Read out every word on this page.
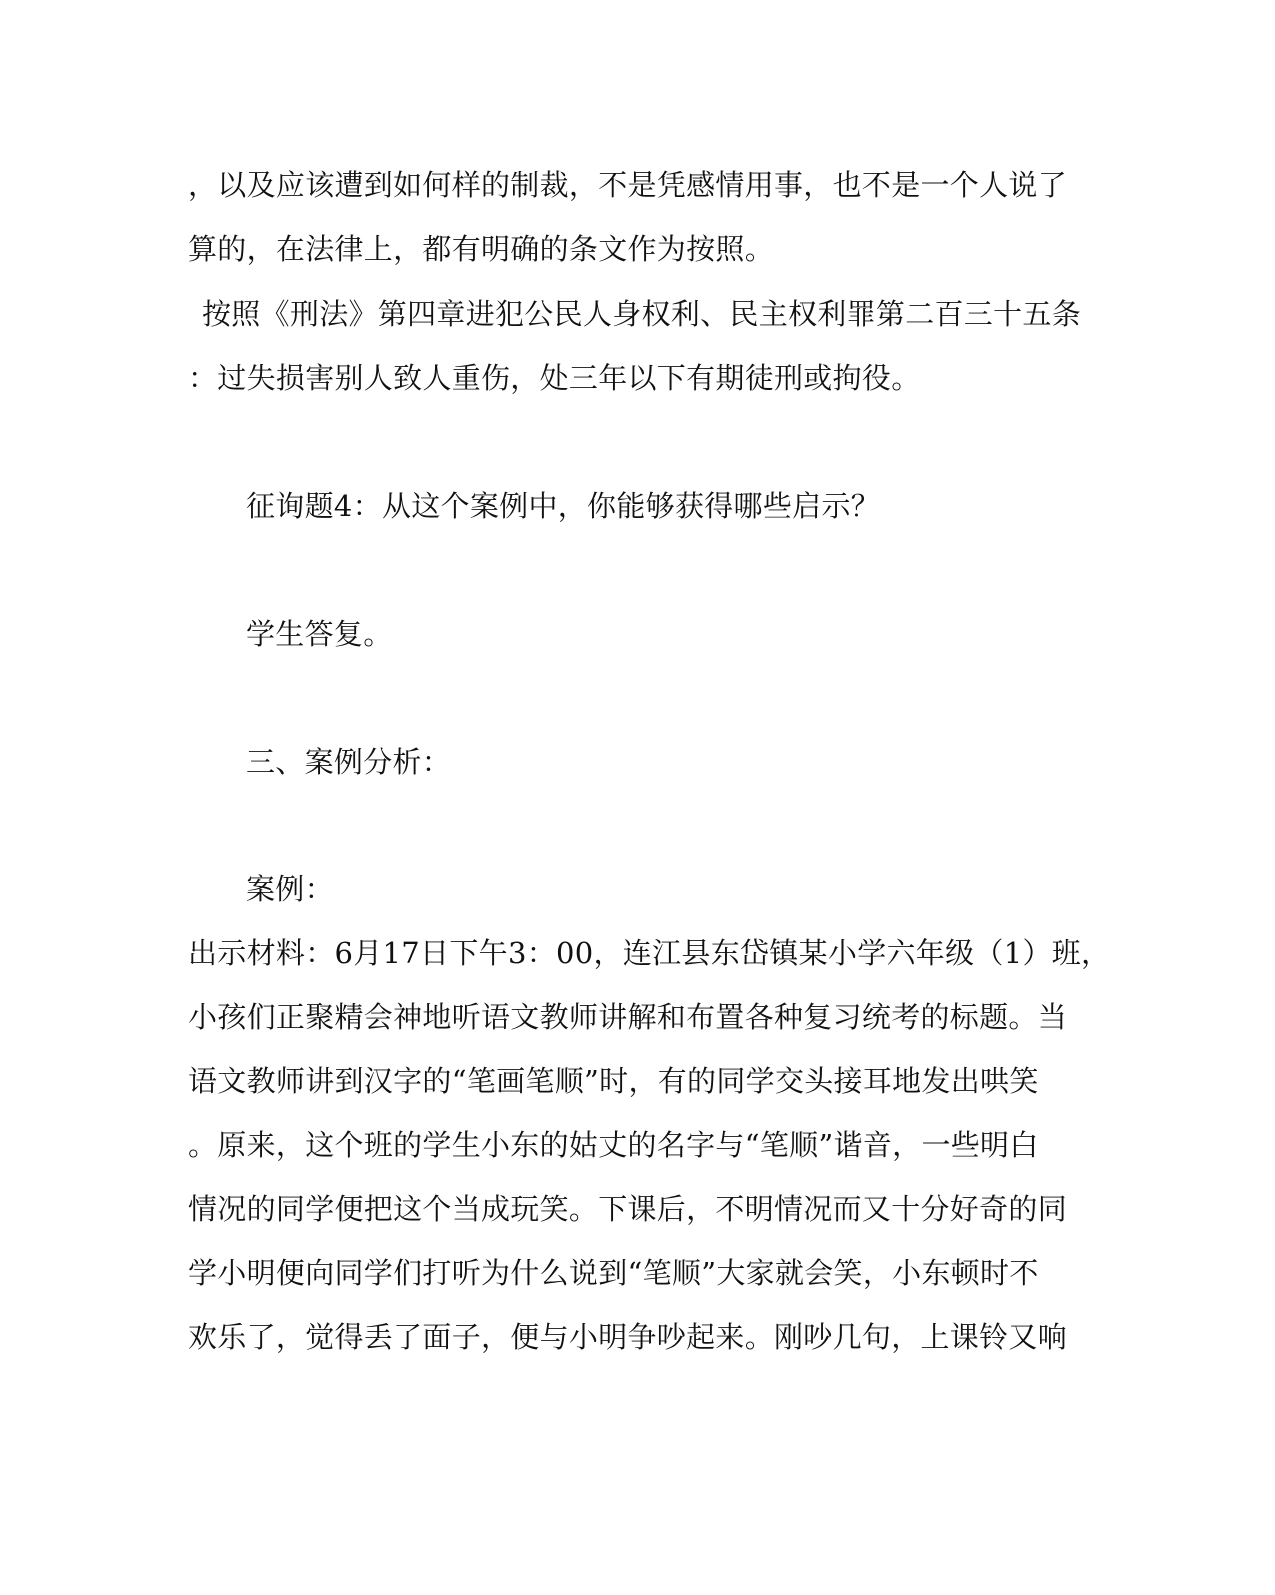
，以及应该遭到如何样的制裁，不是凭感情用事，也不是一个人说了
算的，在法律上，都有明确的条文作为按照。
按照《刑法》第四章进犯公民人身权利、民主权利罪第二百三十五条
：过失损害别人致人重伤，处三年以下有期徒刑或拘役。
征询题4：从这个案例中，你能够获得哪些启示？
学生答复。
三、案例分析：
案例：
出示材料：6月17日下午3：00，连江县东岱镇某小学六年级（1）班，
小孩们正聚精会神地听语文教师讲解和布置各种复习统考的标题。当
语文教师讲到汉字的“笔画笔顺”时，有的同学交头接耳地发出哄笑
。原来，这个班的学生小东的姑丈的名字与“笔顺”谐音，一些明白
情况的同学便把这个当成玩笑。下课后，不明情况而又十分好奇的同
学小明便向同学们打听为什么说到“笔顺”大家就会笑，小东顿时不
欢乐了，觉得丢了面子，便与小明争吵起来。刚吵几句，上课铃又响
